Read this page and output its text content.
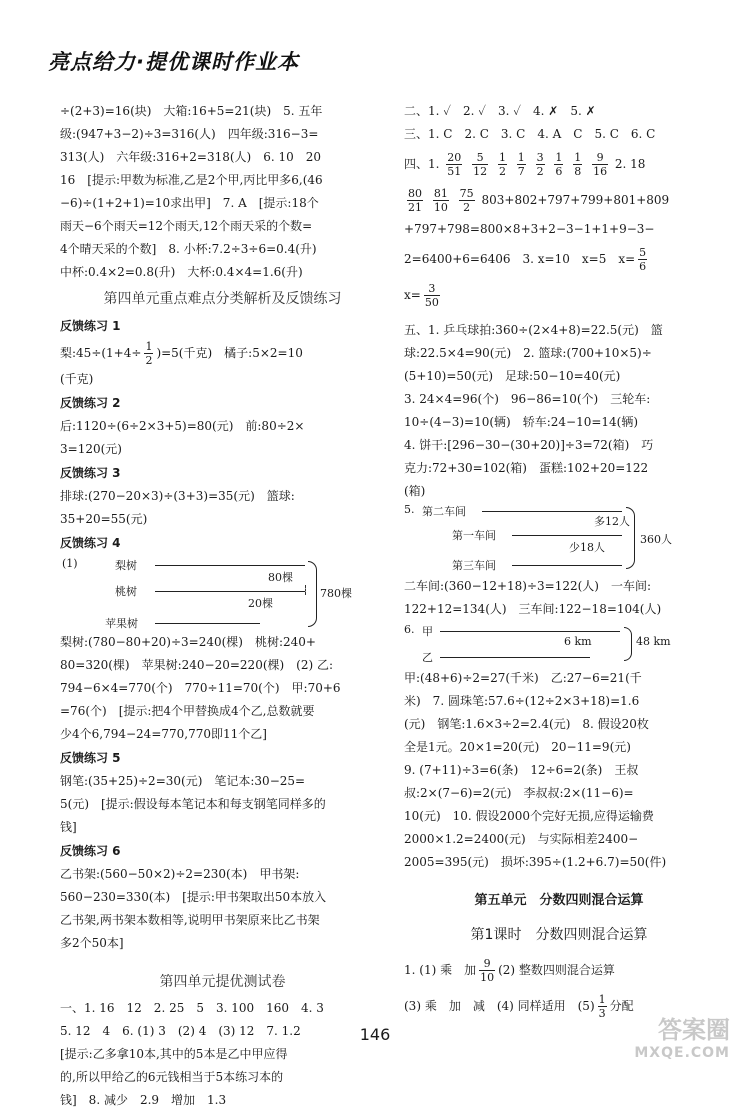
亮点给力·提优课时作业本
÷(2+3)=16(块)　大箱:16+5=21(块)　5. 五年
级:(947+3−2)÷3=316(人)　四年级:316−3=
313(人)　六年级:316+2=318(人)　6. 10　20
16　[提示:甲数为标准,乙是2个甲,丙比甲多6,(46
−6)÷(1+2+1)=10求出甲]　7. A　[提示:18个
雨天−6个雨天=12个雨天,12个雨天采的个数=
4个晴天采的个数]　8. 小杯:7.2÷3÷6=0.4(升)
中杯:0.4×2=0.8(升)　大杯:0.4×4=1.6(升)
第四单元重点难点分类解析及反馈练习
反馈练习 1
梨:45÷(1+4÷ $\frac{1}{2} )=5$(千克)　橘子:5×2=10
(千克)
反馈练习 2
后:1120÷(6÷2×3+5)=80(元)　前:80÷2×
3=120(元)
反馈练习 3
排球:(270−20×3)÷(3+3)=35(元)　篮球:
35+20=55(元)
反馈练习 4
(1)	梨树
80棵
桃树
20棵
苹果树
780棵
梨树:(780−80+20)÷3=240(棵)　桃树:240+
80=320(棵)　苹果树:240−20=220(棵)　(2) 乙:
794−6×4=770(个)　770÷11=70(个)　甲:70+6
=76(个)　[提示:把4个甲替换成4个乙,总数就要
少4个6,794−24=770,770即11个乙]
反馈练习 5
钢笔:(35+25)÷2=30(元)　笔记本:30−25=
5(元)　[提示:假设每本笔记本和每支钢笔同样多的
钱]
反馈练习 6
乙书架:(560−50×2)÷2=230(本)　甲书架:
560−230=330(本)　[提示:甲书架取出50本放入
乙书架,两书架本数相等,说明甲书架原来比乙书架
多2个50本]
第四单元提优测试卷
一、1. 16　12　2. 25　5　3. 100　160　4. 3
5. 12　4　6. (1) 3　(2) 4　(3) 12　7. 1.2
[提示:乙多拿10本,其中的5本是乙中甲应得
的,所以甲给乙的6元钱相当于5本练习本的
钱]　8. 减少　2.9　增加　1.3
二、1. ✓　2. ✓　3. ✓　4. ✗　5. ✗
三、1. C　2. C　3. C　4. A　C　5. C　6. C
四、1. $\frac{20}{51}$
$\frac{5}{12}$
$\frac{1}{2}$
$\frac{1}{7}$
$\frac{3}{2}$
$\frac{1}{6}$
$\frac{1}{8}$
$\frac{9}{16} 2$. 18
$\frac{80}{21}$
$\frac{81}{10}$
$\frac{75}{2} 803+802+797+799+801+809$
+797+798=800×8+3+2−3−1+1+9−3−
2=6400+6=6406　3. x=10　x=5　$x= \frac{5}{6}$
$x= \frac{3}{50}$
五、1. 乒乓球拍:360÷(2×4+8)=22.5(元)　篮
球:22.5×4=90(元)　2. 篮球:(700+10×5)÷
(5+10)=50(元)　足球:50−10=40(元)
3. 24×4=96(个)　96−86=10(个)　三轮车:
10÷(4−3)=10(辆)　轿车:24−10=14(辆)
4. 饼干:[296−30−(30+20)]÷3=72(箱)　巧
克力:72+30=102(箱)　蛋糕:102+20=122
(箱)
5. 第二车间
多12人
第一车间
少18人
第三车间
360人
二车间:(360−12+18)÷3=122(人)　一车间:
122+12=134(人)　三车间:122−18=104(人)
6. 甲
6 km
乙
48 km
甲:(48+6)÷2=27(千米)　乙:27−6=21(千
米)　7. 圆珠笔:57.6÷(12÷2×3+18)=1.6
(元)　钢笔:1.6×3÷2=2.4(元)　8. 假设20枚
全是1元。20×1=20(元)　20−11=9(元)
9. (7+11)÷3=6(条)　12÷6=2(条)　王叔
叔:2×(7−6)=2(元)　李叔叔:2×(11−6)=
10(元)　10. 假设2000个完好无损,应得运输费
2000×1.2=2400(元)　与实际相差2400−
2005=395(元)　损坏:395÷(1.2+6.7)=50(件)
第五单元　分数四则混合运算
第1课时　分数四则混合运算
1. (1) 乘　加 $\frac{9}{10} (2)$ 整数四则混合运算
(3) 乘　加　减　(4) 同样适用　$(5) \frac{1}{3}$ 分配
146	答案圈
MXQE.COM
